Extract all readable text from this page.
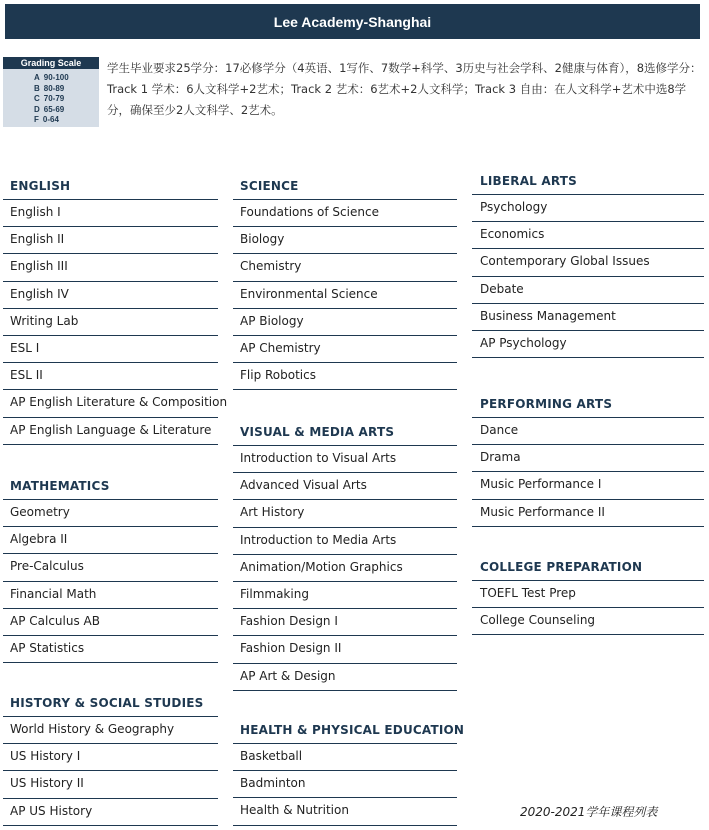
Lee Academy-Shanghai
Grading Scale
A 90-100
B 80-89
C 70-79
D 65-69
F 0-64
学生毕业要求25学分：17必修学分（4英语、1写作、7数学+科学、3历史与社会学科、2健康与体育），8选修学分：Track 1 学术：6人文科学+2艺术；Track 2 艺术：6艺术+2人文科学；Track 3 自由：在人文科学+艺术中选8学分，确保至少2人文科学、2艺术。
ENGLISH
English I
English II
English III
English IV
Writing Lab
ESL I
ESL II
AP English Literature & Composition
AP English Language & Literature
MATHEMATICS
Geometry
Algebra II
Pre-Calculus
Financial Math
AP Calculus AB
AP Statistics
HISTORY & SOCIAL STUDIES
World History & Geography
US History I
US History II
AP US History
SCIENCE
Foundations of Science
Biology
Chemistry
Environmental Science
AP Biology
AP Chemistry
Flip Robotics
VISUAL & MEDIA ARTS
Introduction to Visual Arts
Advanced Visual Arts
Art History
Introduction to Media Arts
Animation/Motion Graphics
Filmmaking
Fashion Design I
Fashion Design II
AP Art & Design
HEALTH & PHYSICAL EDUCATION
Basketball
Badminton
Health & Nutrition
LIBERAL ARTS
Psychology
Economics
Contemporary Global Issues
Debate
Business Management
AP Psychology
PERFORMING ARTS
Dance
Drama
Music Performance I
Music Performance II
COLLEGE PREPARATION
TOEFL Test Prep
College Counseling
2020-2021学年课程列表
